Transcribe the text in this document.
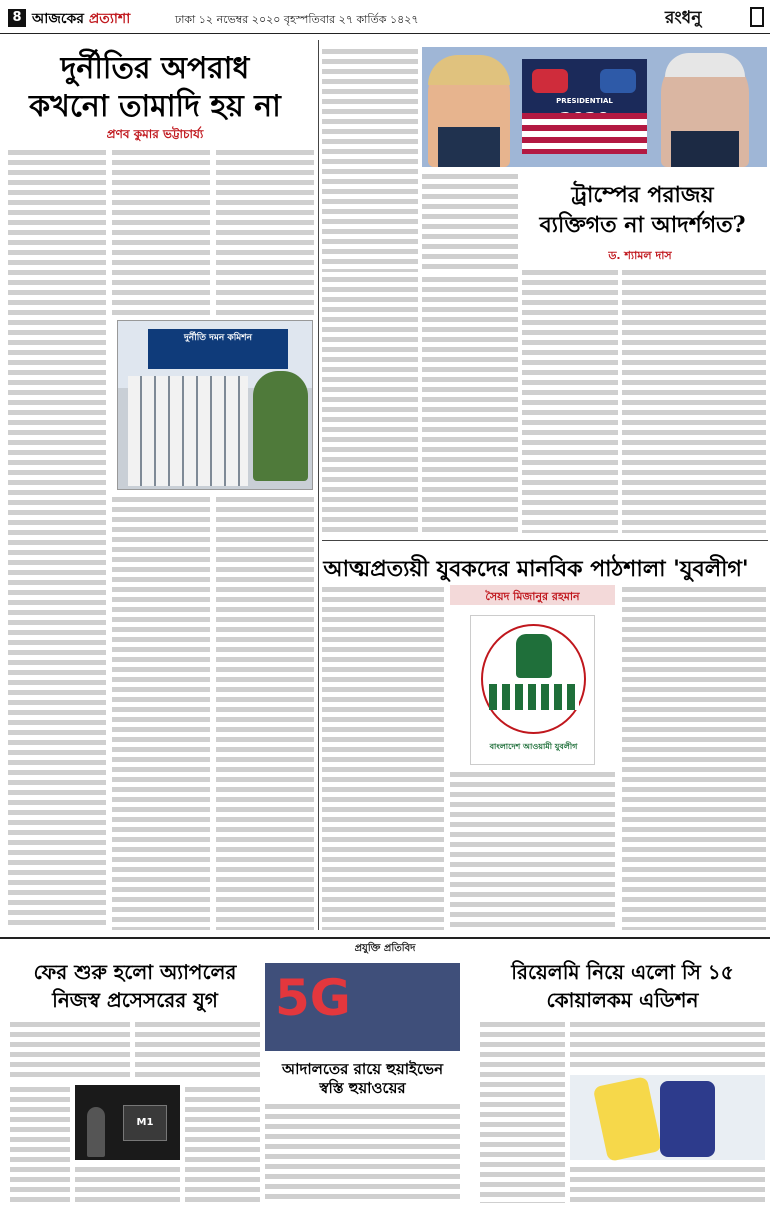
8 আজকের প্রত্যাশা	ঢাকা ১২ নভেম্বর ২০২০ বৃহস্পতিবার ২৭ কার্তিক ১৪২৭	রংধনু
দুর্নীতির অপরাধ
কখনো তামাদি হয় না
প্রণব কুমার ভট্টাচার্য্য
দুর্নীতি দমন কমিশন
PRESIDENTIAL
ট্রাম্পের পরাজয়
ব্যক্তিগত না আদর্শগত?
ড. শ্যামল দাস
আত্মপ্রত্যয়ী যুবকদের মানবিক পাঠশালা 'যুবলীগ'
সৈয়দ মিজানুর রহমান
বাংলাদেশ আওয়ামী যুবলীগ
প্রযুক্তি প্রতিবিদ
ফের শুরু হলো অ্যাপলের
নিজস্ব প্রসেসরের যুগ
M1
5G
আদালতের রায়ে হুয়াইভেন
স্বস্তি হুয়াওয়ের
রিয়েলমি নিয়ে এলো সি ১৫
কোয়ালকম এডিশন
